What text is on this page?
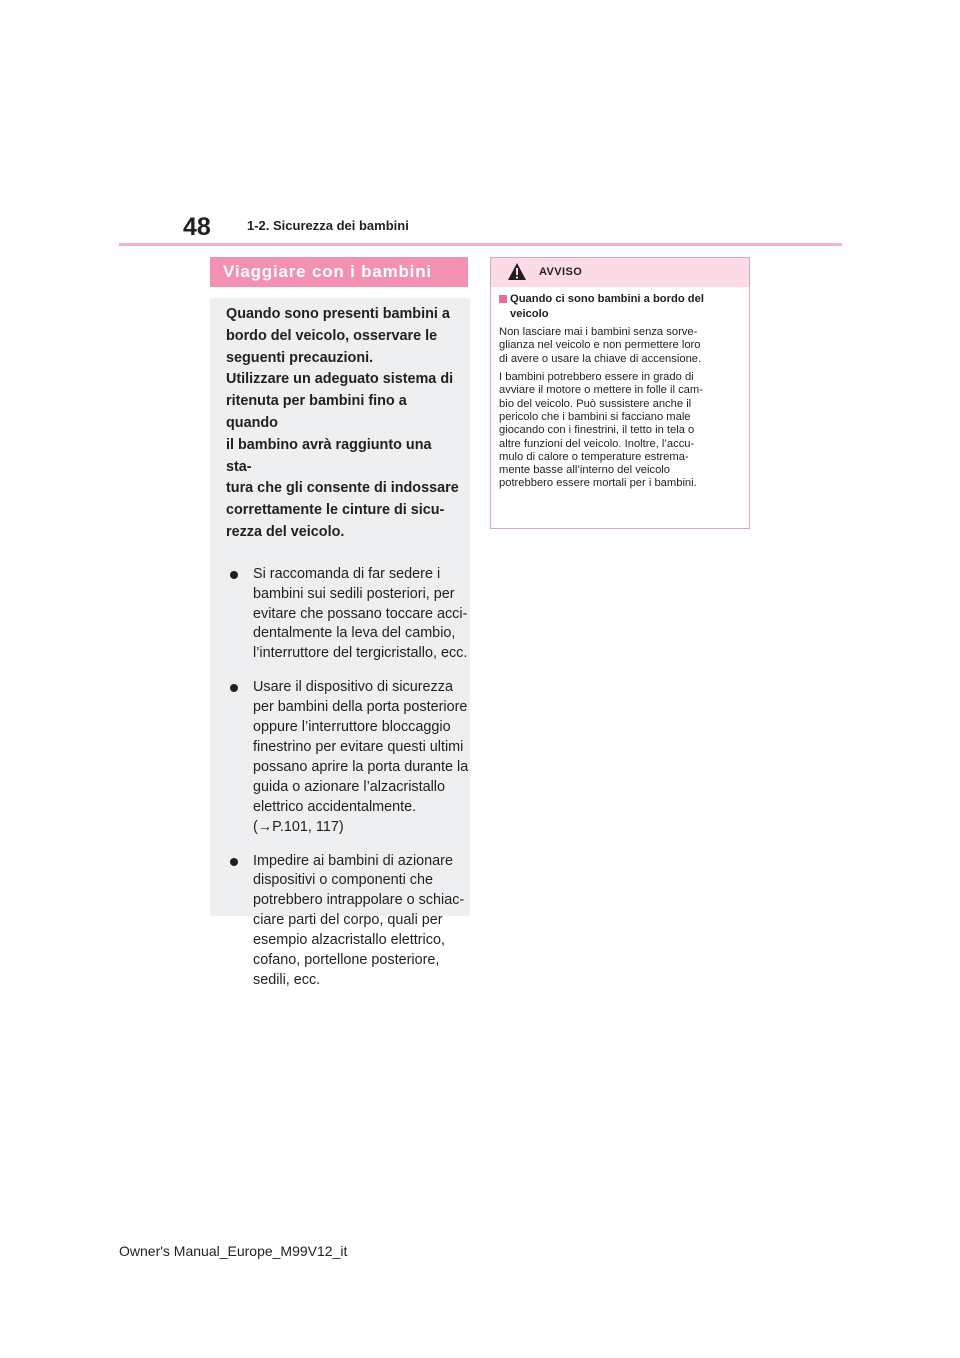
48	1-2. Sicurezza dei bambini
Viaggiare con i bambini

Quando sono presenti bambini a

bordo del veicolo, osservare le

seguenti precauzioni.

Utilizzare un adeguato sistema di

ritenuta per bambini fino a quando

il bambino avrà raggiunto una sta-

tura che gli consente di indossare

correttamente le cinture di sicu-

rezza del veicolo.

Si raccomanda di far sedere i
bambini sui sedili posteriori, per
evitare che possano toccare acci-
dentalmente la leva del cambio,
l’interruttore del tergicristallo, ecc.
Usare il dispositivo di sicurezza
per bambini della porta posteriore
oppure l’interruttore bloccaggio
finestrino per evitare questi ultimi
possano aprire la porta durante la
guida o azionare l’alzacristallo
elettrico accidentalmente.
(→P.101, 117)
Impedire ai bambini di azionare
dispositivi o componenti che
potrebbero intrappolare o schiac-
ciare parti del corpo, quali per
esempio alzacristallo elettrico,
cofano, portellone posteriore,
sedili, ecc.
AVVISO
Quando ci sono bambini a bordo del
veicolo
Non lasciare mai i bambini senza sorve-
glianza nel veicolo e non permettere loro
di avere o usare la chiave di accensione.
I bambini potrebbero essere in grado di
avviare il motore o mettere in folle il cam-
bio del veicolo. Può sussistere anche il
pericolo che i bambini si facciano male
giocando con i finestrini, il tetto in tela o
altre funzioni del veicolo. Inoltre, l’accu-
mulo di calore o temperature estrema-
mente basse all’interno del veicolo
potrebbero essere mortali per i bambini.
Owner's Manual_Europe_M99V12_it
